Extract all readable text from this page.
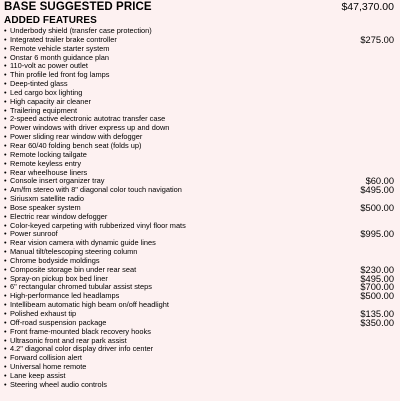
BASE SUGGESTED PRICE	$47,370.00
ADDED FEATURES
• Underbody shield (transfer case protection)
• Integrated trailer brake controller	$275.00
• Remote vehicle starter system
• Onstar 6 month guidance plan
• 110-volt ac power outlet
• Thin profile led front fog lamps
• Deep-tinted glass
• Led cargo box lighting
• High capacity air cleaner
• Trailering equipment
• 2-speed active electronic autotrac transfer case
• Power windows with driver express up and down
• Power sliding rear window with defogger
• Rear 60/40 folding bench seat (folds up)
• Remote locking tailgate
• Remote keyless entry
• Rear wheelhouse liners
• Console insert organizer tray	$60.00
• Am/fm stereo with 8" diagonal color touch navigation	$495.00
• Siriusxm satellite radio
• Bose speaker system	$500.00
• Electric rear window defogger
• Color-keyed carpeting with rubberized vinyl floor mats
• Power sunroof	$995.00
• Rear vision camera with dynamic guide lines
• Manual tilt/telescoping steering column
• Chrome bodyside moldings
• Composite storage bin under rear seat	$230.00
• Spray-on pickup box bed liner	$495.00
• 6" rectangular chromed tubular assist steps	$700.00
• High-performance led headlamps	$500.00
• Intellibeam automatic high beam on/off headlight
• Polished exhaust tip	$135.00
• Off-road suspension package	$350.00
• Front frame-mounted black recovery hooks
• Ultrasonic front and rear park assist
• 4.2" diagonal color display driver info center
• Forward collision alert
• Universal home remote
• Lane keep assist
• Steering wheel audio controls
